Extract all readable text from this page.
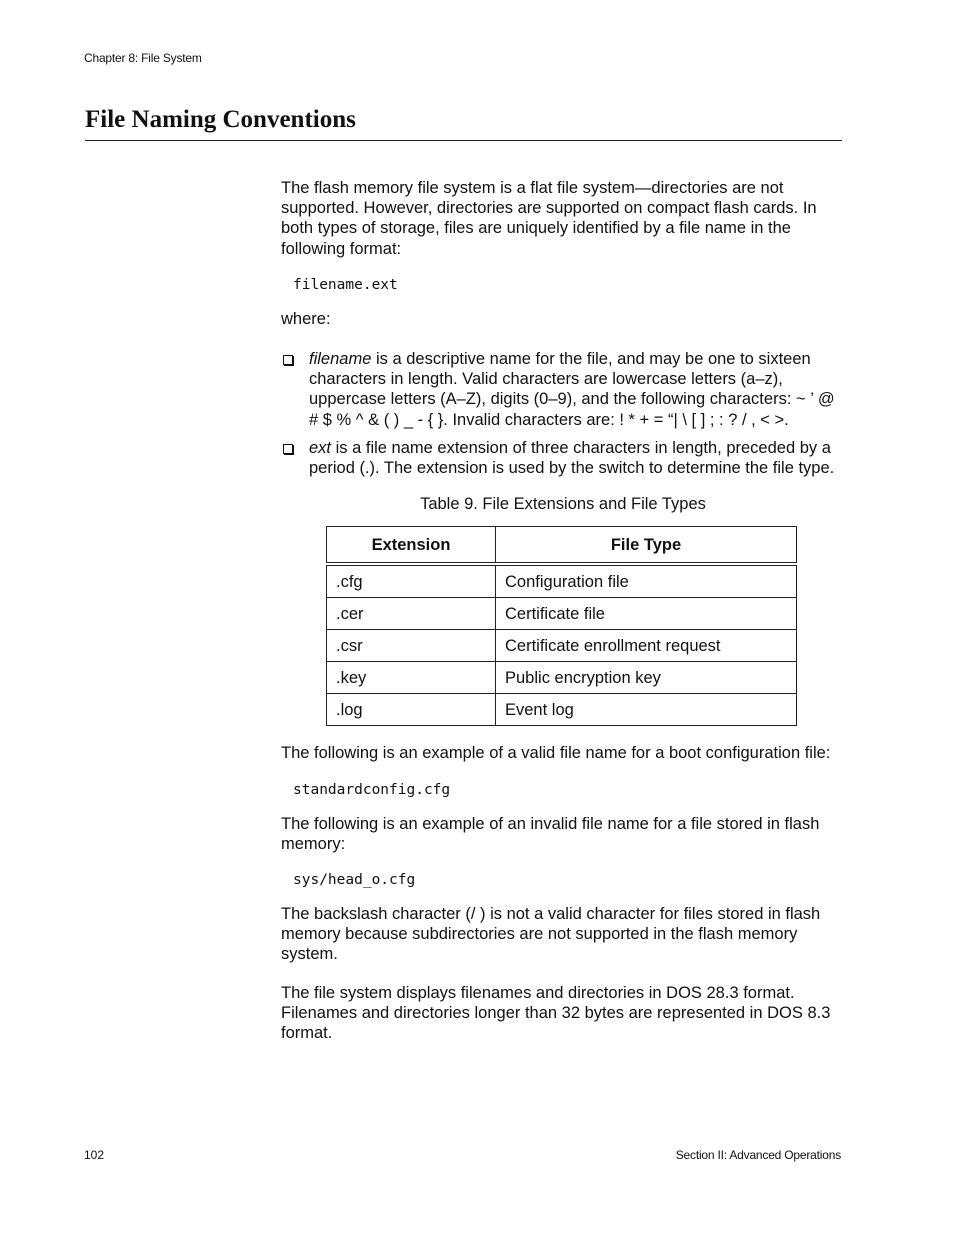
Chapter 8: File System
File Naming Conventions

The flash memory file system is a flat file system—directories are not supported. However, directories are supported on compact flash cards. In both types of storage, files are uniquely identified by a file name in the following format:

filename.ext

where:

filename is a descriptive name for the file, and may be one to sixteen characters in length. Valid characters are lowercase letters (a–z), uppercase letters (A–Z), digits (0–9), and the following characters: ~ ’ @ # $ % ^ & ( ) _ - { }. Invalid characters are: ! * + = “| \ [ ] ; : ? / , < >.
ext is a file name extension of three characters in length, preceded by a period (.). The extension is used by the switch to determine the file type.

Table 9. File Extensions and File Types

Extension	File Type
.cfg	Configuration file
.cer	Certificate file
.csr	Certificate enrollment request
.key	Public encryption key
.log	Event log

The following is an example of a valid file name for a boot configuration file:

standardconfig.cfg

The following is an example of an invalid file name for a file stored in flash memory:

sys/head_o.cfg

The backslash character (/ ) is not a valid character for files stored in flash memory because subdirectories are not supported in the flash memory system.

The file system displays filenames and directories in DOS 28.3 format. Filenames and directories longer than 32 bytes are represented in DOS 8.3 format.

102	Section II: Advanced Operations
